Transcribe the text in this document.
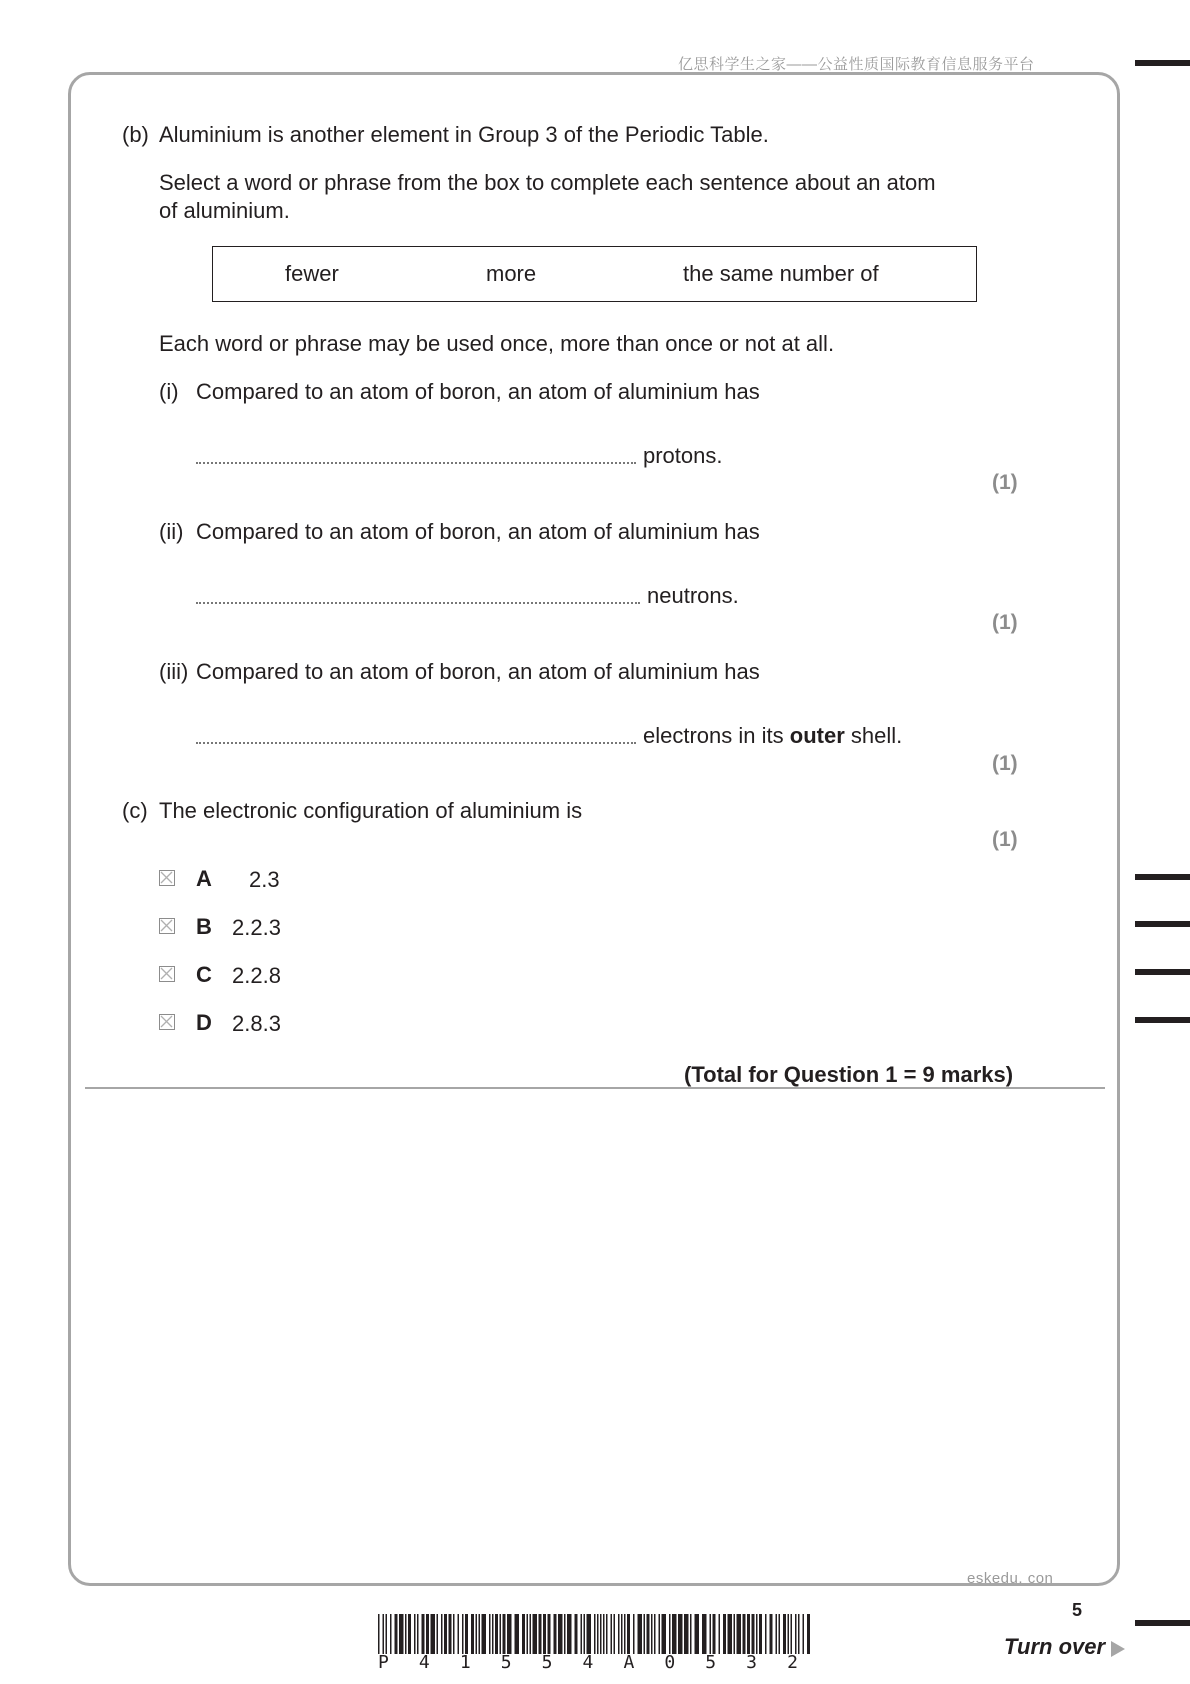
亿思科学生之家——公益性质国际教育信息服务平台
(b) Aluminium is another element in Group 3 of the Periodic Table.
Select a word or phrase from the box to complete each sentence about an atom
of aluminium.
fewer	more	the same number of
Each word or phrase may be used once, more than once or not at all.
(i) Compared to an atom of boron, an atom of aluminium has
protons.
(1)
(ii) Compared to an atom of boron, an atom of aluminium has
neutrons.
(1)
(iii) Compared to an atom of boron, an atom of aluminium has
electrons in its outer shell.
(1)
(c) The electronic configuration of aluminium is
(1)
A 2.3
B 2.2.3
C 2.2.8
D 2.8.3
(Total for Question 1 = 9 marks)
eskedu. con
5
P 4 1 5 5 4 A 0 5 3 2
Turn over
